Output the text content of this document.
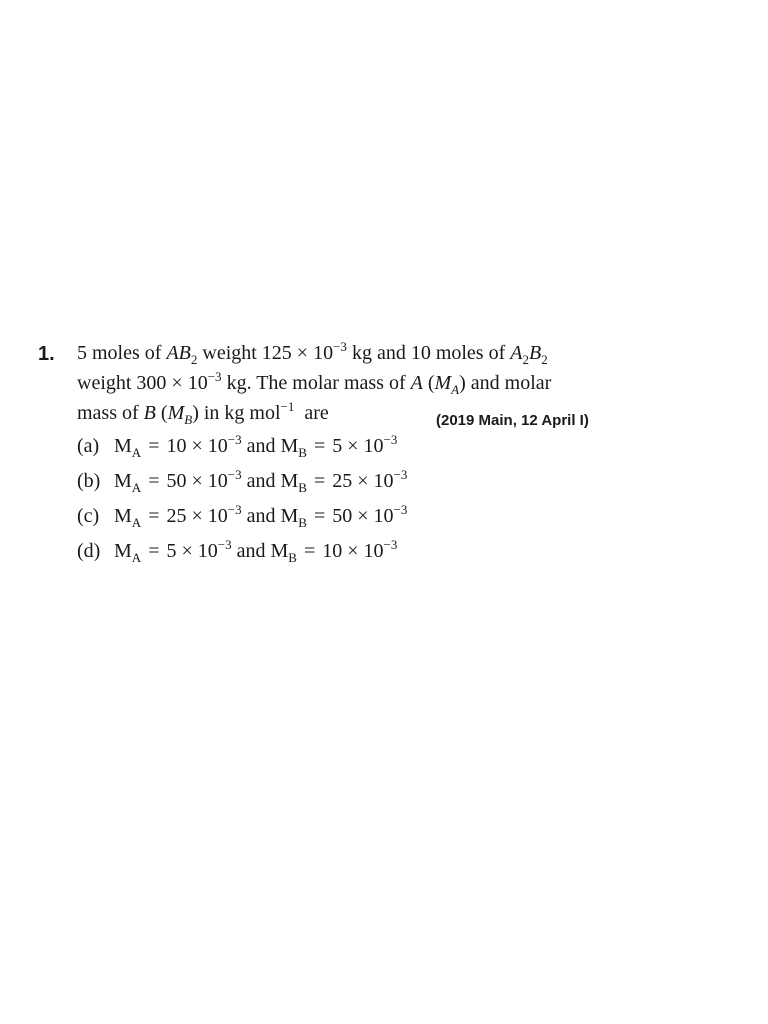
1. 5 moles of $AB_2$ weight $125 \times 10^{-3}$ kg and 10 moles of $A_2B_2$
weight $300 \times 10^{-3}$ kg. The molar mass of A $(M_A)$ and molar
mass of B $(M_B)$ in kg mol$^{-1}$  are	(2019 Main, 12 April I)
(a) $M_A = 10 \times 10^{-3}$ and $M_B = 5 \times 10^{-3}$
(b) $M_A = 50 \times 10^{-3}$ and $M_B = 25 \times 10^{-3}$
(c) $M_A = 25 \times 10^{-3}$ and $M_B = 50 \times 10^{-3}$
(d) $M_A = 5 \times 10^{-3}$ and $M_B = 10 \times 10^{-3}$
